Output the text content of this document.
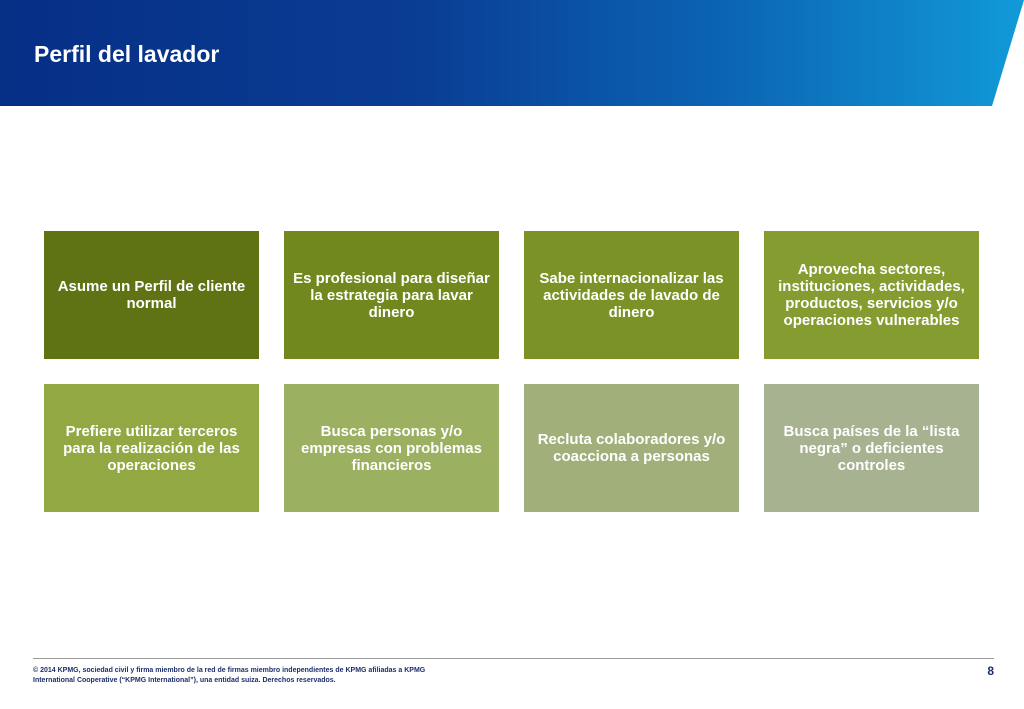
Perfil del lavador
Asume un Perfil de cliente normal
Es profesional para diseñar la estrategia para lavar dinero
Sabe internacionalizar las actividades de lavado de dinero
Aprovecha sectores, instituciones, actividades, productos, servicios y/o operaciones vulnerables
Prefiere utilizar terceros para la realización de las operaciones
Busca personas y/o empresas con problemas financieros
Recluta colaboradores y/o coacciona a personas
Busca países de la “lista negra” o deficientes controles
© 2014 KPMG, sociedad civil y firma miembro de la red de firmas miembro independientes de KPMG afiliadas a KPMG International Cooperative (“KPMG International”), una entidad suiza. Derechos reservados.
8
